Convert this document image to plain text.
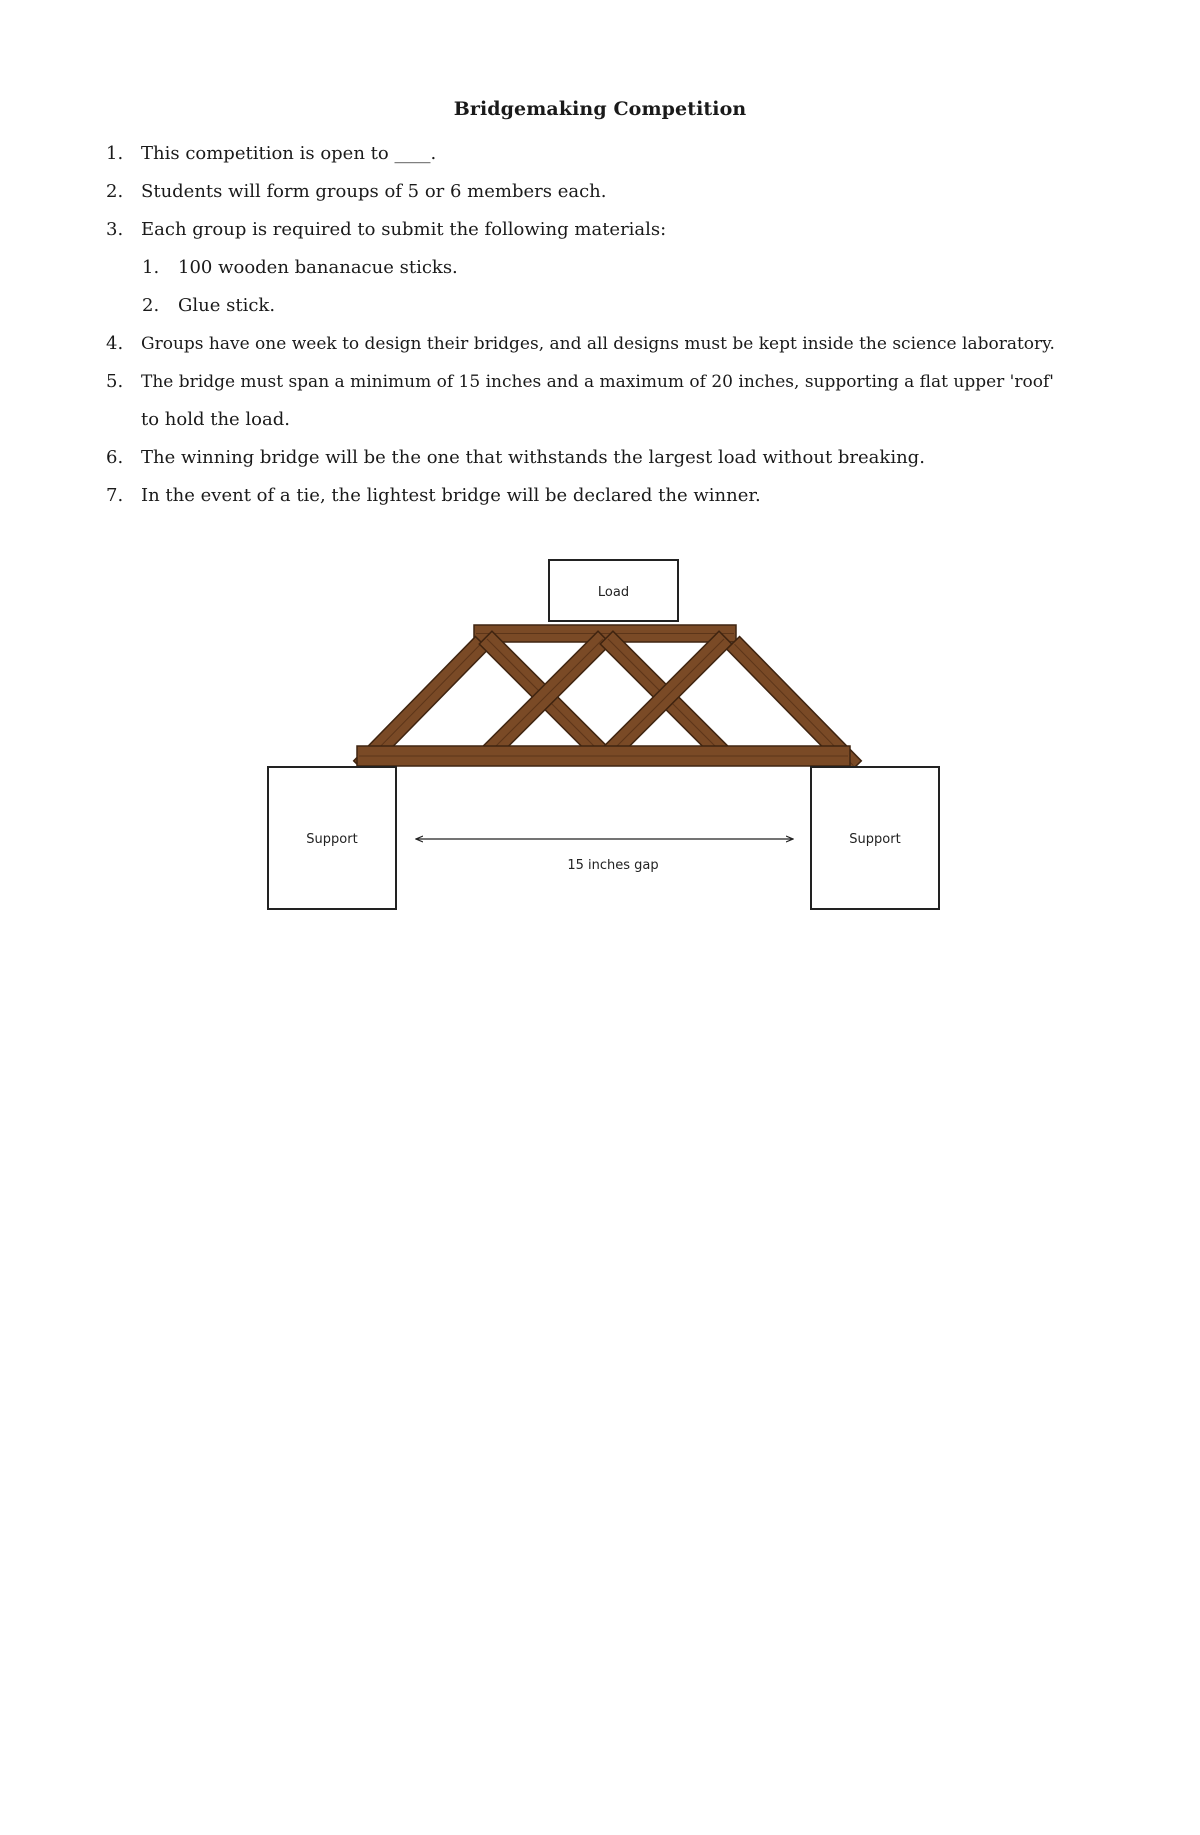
Bridgemaking Competition
1. This competition is open to ____.
2. Students will form groups of 5 or 6 members each.
3. Each group is required to submit the following materials:
1. 100 wooden bananacue sticks.
2. Glue stick.
4. Groups have one week to design their bridges, and all designs must be kept inside the science laboratory.
5. The bridge must span a minimum of 15 inches and a maximum of 20 inches, supporting a flat upper 'roof'
to hold the load.
6. The winning bridge will be the one that withstands the largest load without breaking.
7. In the event of a tie, the lightest bridge will be declared the winner.
Load
Support	Support
15 inches gap
